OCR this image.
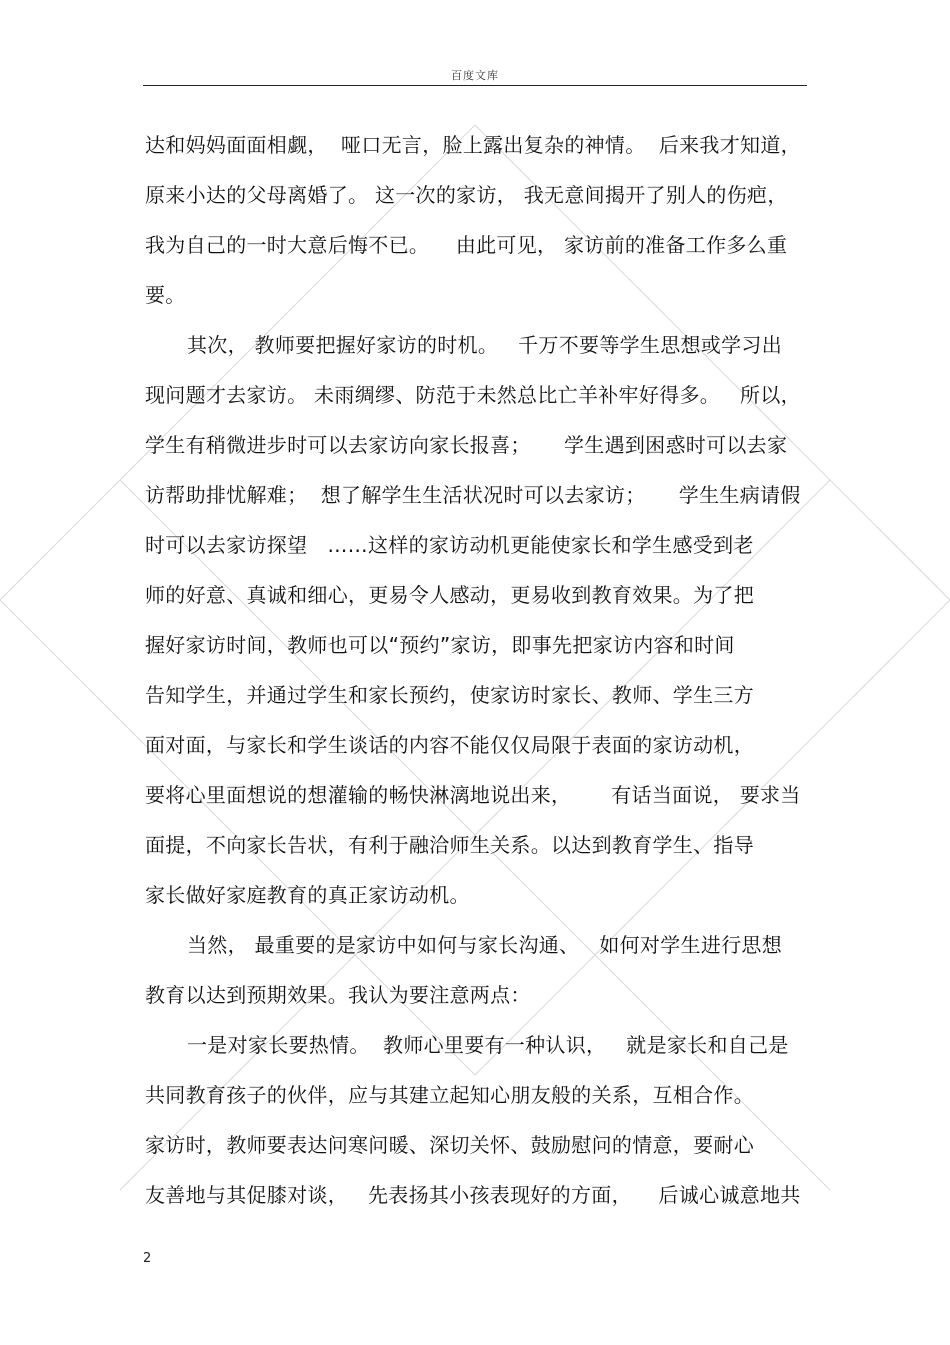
百度文库
达和妈妈面面相觑，  哑口无言，脸上露出复杂的神情。  后来我才知道，
原来小达的父母离婚了。 这一次的家访， 我无意间揭开了别人的伤疤，
我为自己的一时大意后悔不已。    由此可见， 家访前的准备工作多么重
要。
其次， 教师要把握好家访的时机。   千万不要等学生思想或学习出
现问题才去家访。 未雨绸缪、防范于未然总比亡羊补牢好得多。   所以，
学生有稍微进步时可以去家访向家长报喜；     学生遇到困惑时可以去家
访帮助排忧解难；  想了解学生生活状况时可以去家访；     学生生病请假
时可以去家访探望   ……这样的家访动机更能使家长和学生感受到老
师的好意、真诚和细心，更易令人感动，更易收到教育效果。为了把
握好家访时间，教师也可以“预约”家访，即事先把家访内容和时间
告知学生，并通过学生和家长预约，使家访时家长、教师、学生三方
面对面，与家长和学生谈话的内容不能仅仅局限于表面的家访动机，
要将心里面想说的想灌输的畅快淋漓地说出来，      有话当面说， 要求当
面提，不向家长告状，有利于融洽师生关系。以达到教育学生、指导
家长做好家庭教育的真正家访动机。
当然， 最重要的是家访中如何与家长沟通、   如何对学生进行思想
教育以达到预期效果。我认为要注意两点：
一是对家长要热情。  教师心里要有一种认识，   就是家长和自己是
共同教育孩子的伙伴，应与其建立起知心朋友般的关系，互相合作。
家访时，教师要表达问寒问暖、深切关怀、鼓励慰问的情意，要耐心
友善地与其促膝对谈，   先表扬其小孩表现好的方面，    后诚心诚意地共
2
